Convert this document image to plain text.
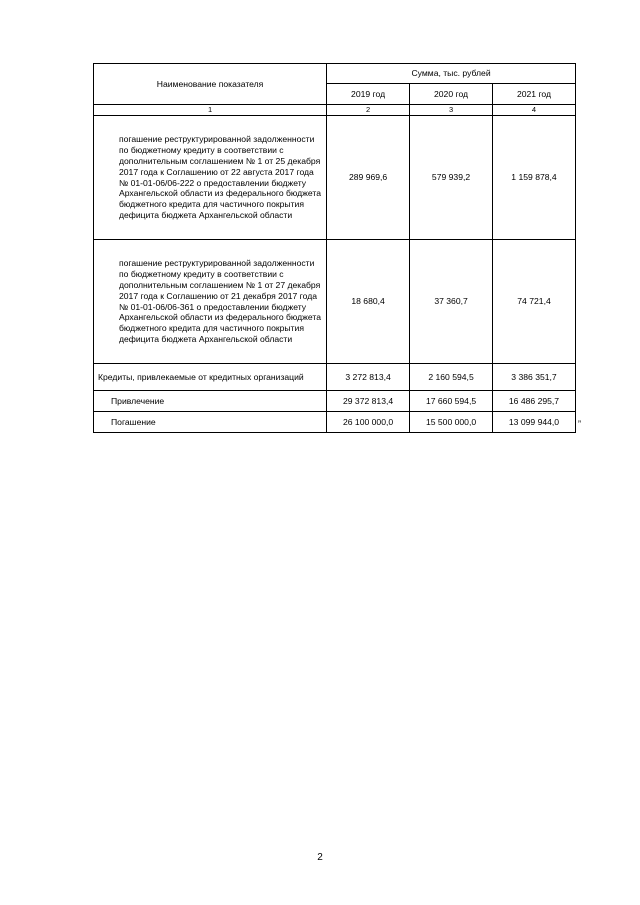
Наименование показателя	Сумма, тыс. рублей		
	2019 год	2020 год	2021 год
1	2	3	4
погашение реструктурированной задолженности по бюджетному кредиту в соответствии с дополнительным соглашением № 1 от 25 декабря 2017 года к Соглашению от 22 августа 2017 года № 01-01-06/06-222 о предоставлении бюджету Архангельской области из федерального бюджета бюджетного кредита для частичного покрытия дефицита бюджета Архангельской области	289 969,6	579 939,2	1 159 878,4
погашение реструктурированной задолженности по бюджетному кредиту в соответствии с дополнительным соглашением № 1 от 27 декабря 2017 года к Соглашению от 21 декабря 2017 года № 01-01-06/06-361 о предоставлении бюджету Архангельской области из федерального бюджета бюджетного кредита для частичного покрытия дефицита бюджета Архангельской области	18 680,4	37 360,7	74 721,4
Кредиты, привлекаемые от кредитных организаций	3 272 813,4	2 160 594,5	3 386 351,7
Привлечение	29 372 813,4	17 660 594,5	16 486 295,7
Погашение	26 100 000,0	15 500 000,0	13 099 944,0 ”
2
